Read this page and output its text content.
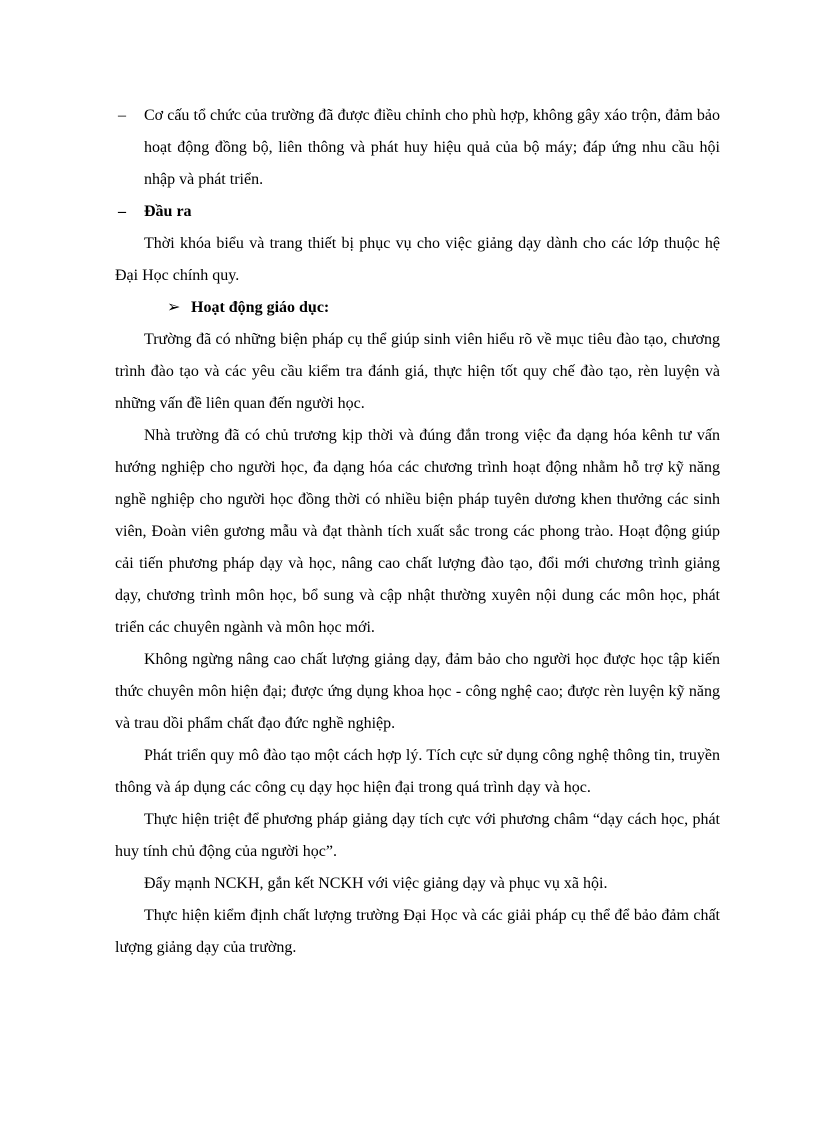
– Cơ cấu tổ chức của trường đã được điều chỉnh cho phù hợp, không gây xáo trộn, đảm bảo hoạt động đồng bộ, liên thông và phát huy hiệu quả của bộ máy; đáp ứng nhu cầu hội nhập và phát triển.

– Đầu ra

Thời khóa biểu và trang thiết bị phục vụ cho việc giảng dạy dành cho các lớp thuộc hệ Đại Học chính quy.

➢ Hoạt động giáo dục:

Trường đã có những biện pháp cụ thể giúp sinh viên hiểu rõ về mục tiêu đào tạo, chương trình đào tạo và các yêu cầu kiểm tra đánh giá, thực hiện tốt quy chế đào tạo, rèn luyện và những vấn đề liên quan đến người học.

Nhà trường đã có chủ trương kịp thời và đúng đắn trong việc đa dạng hóa kênh tư vấn hướng nghiệp cho người học, đa dạng hóa các chương trình hoạt động nhằm hỗ trợ kỹ năng nghề nghiệp cho người học đồng thời có nhiều biện pháp tuyên dương khen thưởng các sinh viên, Đoàn viên gương mẫu và đạt thành tích xuất sắc trong các phong trào. Hoạt động giúp cải tiến phương pháp dạy và học, nâng cao chất lượng đào tạo, đổi mới chương trình giảng dạy, chương trình môn học, bổ sung và cập nhật thường xuyên nội dung các môn học, phát triển các chuyên ngành và môn học mới.

Không ngừng nâng cao chất lượng giảng dạy, đảm bảo cho người học được học tập kiến thức chuyên môn hiện đại; được ứng dụng khoa học - công nghệ cao; được rèn luyện kỹ năng và trau dồi phẩm chất đạo đức nghề nghiệp.

Phát triển quy mô đào tạo một cách hợp lý. Tích cực sử dụng công nghệ thông tin, truyền thông và áp dụng các công cụ dạy học hiện đại trong quá trình dạy và học.

Thực hiện triệt để phương pháp giảng dạy tích cực với phương châm “dạy cách học, phát huy tính chủ động của người học”.

Đẩy mạnh NCKH, gắn kết NCKH với việc giảng dạy và phục vụ xã hội.

Thực hiện kiểm định chất lượng trường Đại Học và các giải pháp cụ thể để bảo đảm chất lượng giảng dạy của trường.
